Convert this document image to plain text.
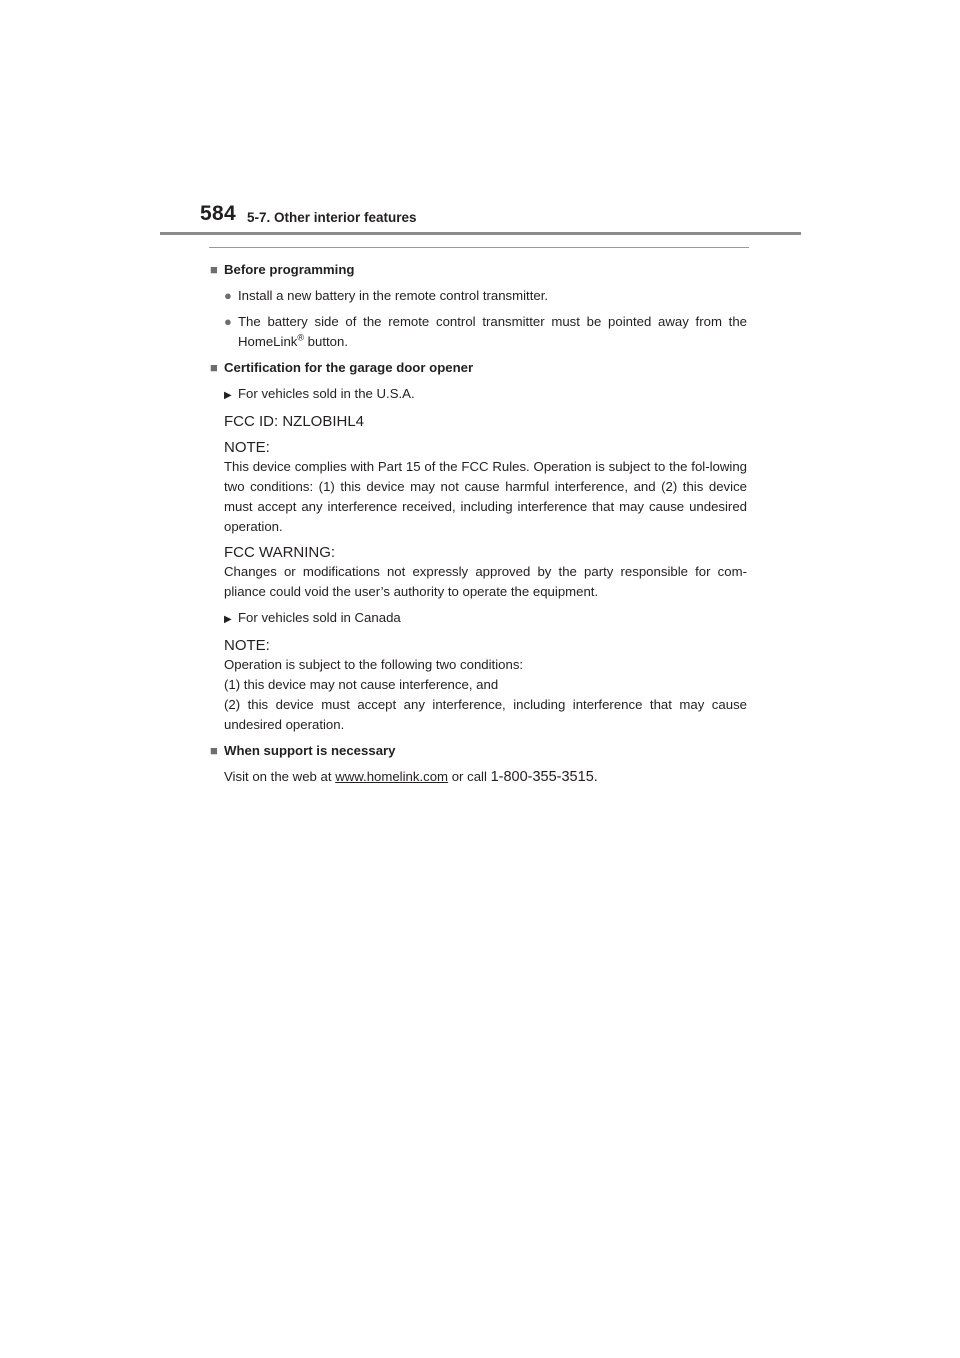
584 5-7. Other interior features
■ Before programming
● Install a new battery in the remote control transmitter.
● The battery side of the remote control transmitter must be pointed away from the HomeLink® button.
■ Certification for the garage door opener
▶ For vehicles sold in the U.S.A.
FCC ID: NZLOBIHL4
NOTE:
This device complies with Part 15 of the FCC Rules. Operation is subject to the fol-lowing two conditions: (1) this device may not cause harmful interference, and (2) this device must accept any interference received, including interference that may cause undesired operation.
FCC WARNING:
Changes or modifications not expressly approved by the party responsible for com-pliance could void the user’s authority to operate the equipment.
▶ For vehicles sold in Canada
NOTE:
Operation is subject to the following two conditions:
(1) this device may not cause interference, and
(2) this device must accept any interference, including interference that may cause undesired operation.
■ When support is necessary
Visit on the web at www.homelink.com or call 1-800-355-3515.
